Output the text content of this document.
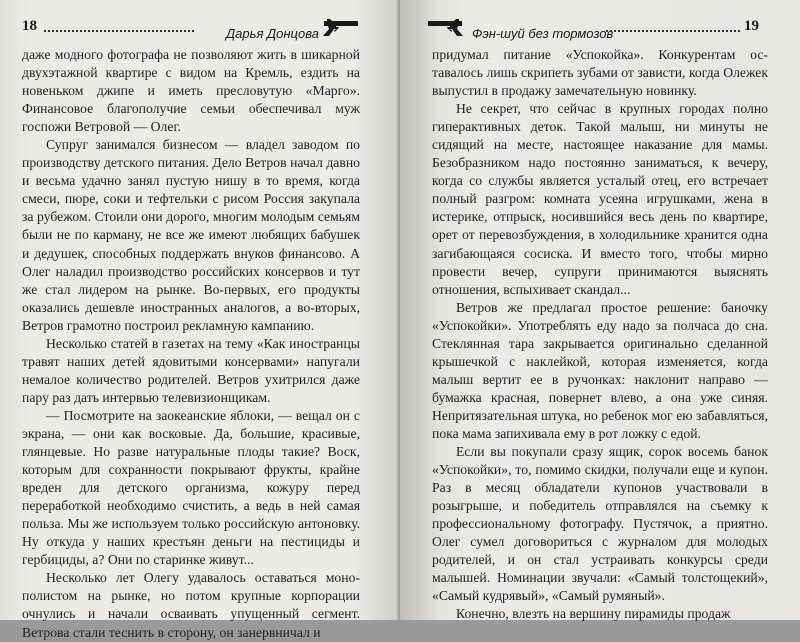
18	Дарья Донцова

даже модного фотографа не позволяют жить в шикарной двухэтажной квартире с видом на Кремль, ездить на новеньком джипе и иметь пресловутую «Марго». Финансовое благополучие семьи обеспечивал муж госпожи Ветровой — Олег.

Супруг занимался бизнесом — владел заводом по производству детского питания. Дело Ветров начал давно и весьма удачно занял пустую нишу в то время, когда смеси, пюре, соки и тефтельки с рисом Россия закупала за рубежом. Стоили они дорого, многим молодым семьям были не по карману, не все же имеют любящих бабушек и дедушек, способных поддержать внуков финансово. А Олег наладил производство российских консервов и тут же стал лидером на рынке. Во-первых, его продукты оказались дешевле иностранных аналогов, а во-вторых, Ветров грамотно построил рекламную кампанию.

Несколько статей в газетах на тему «Как иностранцы травят наших детей ядовитыми консервами» напугали немалое количество родителей. Ветров ухитрился даже пару раз дать интервью телевизионщикам.

— Посмотрите на заокеанские яблоки, — вещал он с экрана, — они как восковые. Да, большие, красивые, глянцевые. Но разве натуральные плоды такие? Воск, которым для сохранности покрывают фрукты, крайне вреден для детского организма, кожуру перед переработкой необходимо счистить, а ведь в ней самая польза. Мы же используем только российскую антоновку. Ну откуда у наших крестьян деньги на пестициды и гербициды, а? Они по старинке живут...

Несколько лет Олегу удавалось оставаться монополистом на рынке, но потом крупные корпорации очнулись и начали осваивать упущенный сегмент. Ветрова стали теснить в сторону, он занервничал и

Фэн-шуй без тормозов	19

придумал питание «Успокойка». Конкурентам оставалось лишь скрипеть зубами от зависти, когда Олежек выпустил в продажу замечательную новинку.

Не секрет, что сейчас в крупных городах полно гиперактивных деток. Такой малыш, ни минуты не сидящий на месте, настоящее наказание для мамы. Безобразником надо постоянно заниматься, к вечеру, когда со службы является усталый отец, его встречает полный разгром: комната усеяна игрушками, жена в истерике, отпрыск, носившийся весь день по квартире, орет от перевозбуждения, в холодильнике хранится одна загибающаяся сосиска. И вместо того, чтобы мирно провести вечер, супруги принимаются выяснять отношения, вспыхивает скандал...

Ветров же предлагал простое решение: баночку «Успокойки». Употреблять еду надо за полчаса до сна. Стеклянная тара закрывается оригинально сделанной крышечкой с наклейкой, которая изменяется, когда малыш вертит ее в ручонках: наклонит направо — бумажка красная, повернет влево, а она уже синяя. Непритязательная штука, но ребенок мог ею забавляться, пока мама запихивала ему в рот ложку с едой.

Если вы покупали сразу ящик, сорок восемь банок «Успокойки», то, помимо скидки, получали еще и купон. Раз в месяц обладатели купонов участвовали в розыгрыше, и победитель отправлялся на съемку к профессиональному фотографу. Пустячок, а приятно. Олег сумел договориться с журналом для молодых родителей, и он стал устраивать конкурсы среди малышей. Номинации звучали: «Самый толстощекий», «Самый кудрявый», «Самый румяный».

Конечно, влезть на вершину пирамиды продаж
